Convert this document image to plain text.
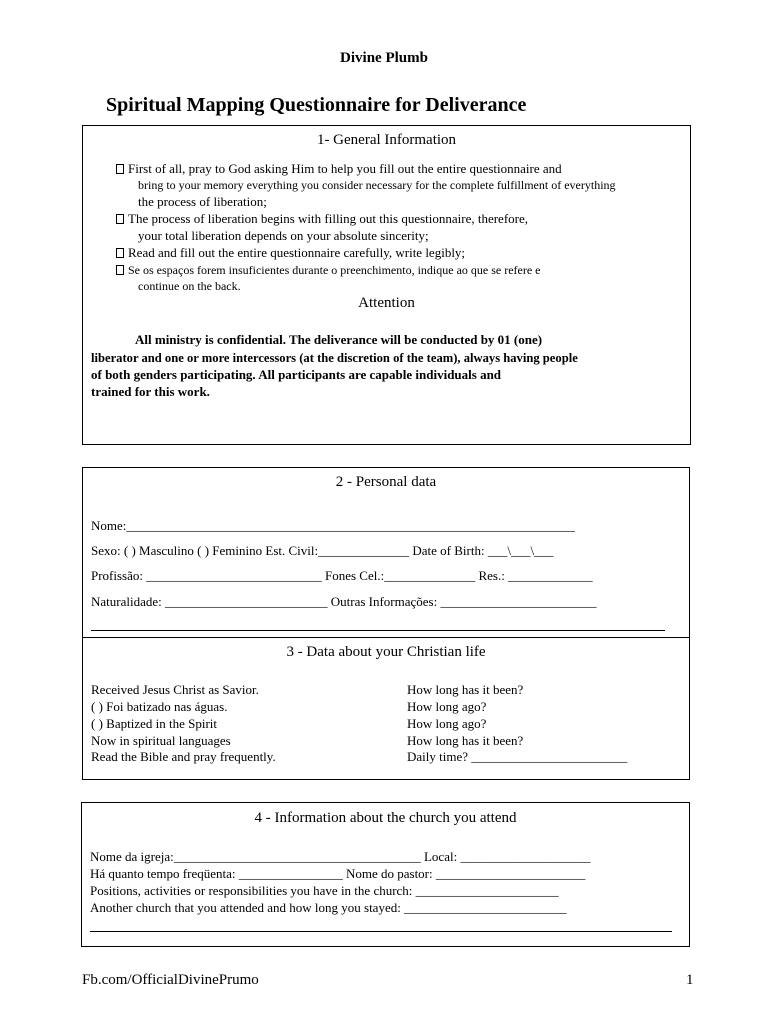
Divine Plumb
Spiritual Mapping Questionnaire for Deliverance
1- General Information
First of all, pray to God asking Him to help you fill out the entire questionnaire and
bring to your memory everything you consider necessary for the complete fulfillment of everything
the process of liberation;
The process of liberation begins with filling out this questionnaire, therefore,
your total liberation depends on your absolute sincerity;
Read and fill out the entire questionnaire carefully, write legibly;
Se os espaços forem insuficientes durante o preenchimento, indique ao que se refere e
continue on the back.
Attention
All ministry is confidential. The deliverance will be conducted by 01 (one)
liberator and one or more intercessors (at the discretion of the team), always having people
of both genders participating. All participants are capable individuals and
trained for this work.
2 - Personal data
Nome:_____________________________________________________________________
Sexo: ( ) Masculino ( ) Feminino Est. Civil:______________ Date of Birth: ___\___\___
Profissão: ___________________________ Fones Cel.:______________ Res.: _____________
Naturalidade: _________________________ Outras Informações: ________________________
3 - Data about your Christian life
Received Jesus Christ as Savior.	How long has it been?
( ) Foi batizado nas águas.	How long ago?
( ) Baptized in the Spirit	How long ago?
Now in spiritual languages	How long has it been?
Read the Bible and pray frequently.	Daily time? ________________________
4 - Information about the church you attend
Nome da igreja:______________________________________ Local: ____________________
Há quanto tempo freqüenta: ________________ Nome do pastor: _______________________
Positions, activities or responsibilities you have in the church: ______________________
Another church that you attended and how long you stayed: _________________________
Fb.com/OfficialDivinePrumo	1
